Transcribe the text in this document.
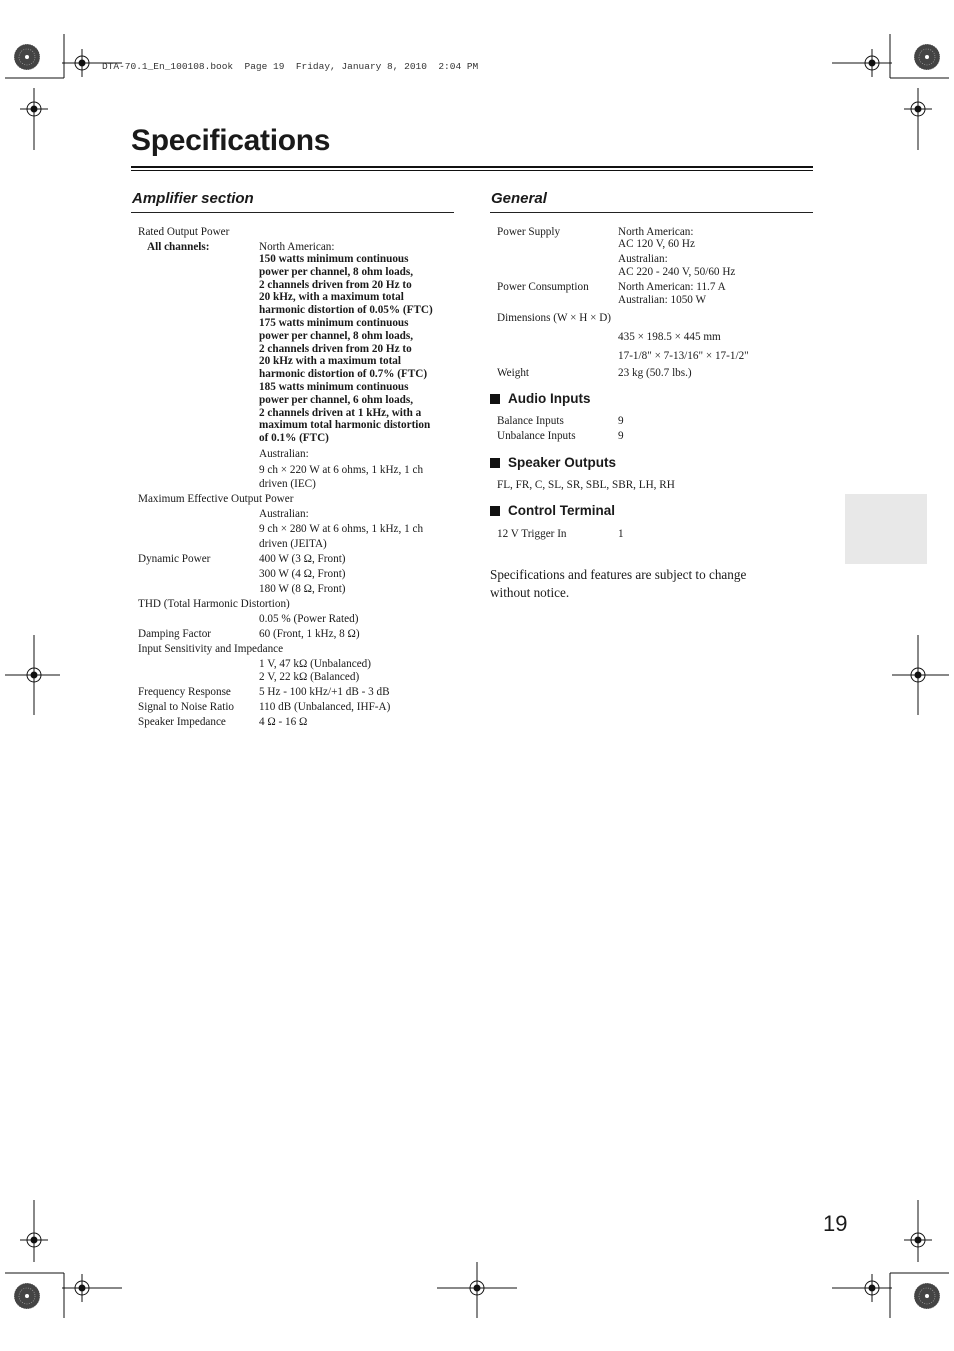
DTA-70.1_En_100108.book  Page 19  Friday, January 8, 2010  2:04 PM
Specifications
Amplifier section
Rated Output Power
All channels:	North American:
150 watts minimum continuous
power per channel, 8 ohm loads,
2 channels driven from 20 Hz to
20 kHz, with a maximum total
harmonic distortion of 0.05% (FTC)
175 watts minimum continuous
power per channel, 8 ohm loads,
2 channels driven from 20 Hz to
20 kHz with a maximum total
harmonic distortion of 0.7% (FTC)
185 watts minimum continuous
power per channel, 6 ohm loads,
2 channels driven at 1 kHz, with a
maximum total harmonic distortion
of 0.1% (FTC)
Australian:
9 ch × 220 W at 6 ohms, 1 kHz, 1 ch
driven (IEC)
Maximum Effective Output Power
Australian:
9 ch × 280 W at 6 ohms, 1 kHz, 1 ch
driven (JEITA)
Dynamic Power	400 W (3 Ω, Front)
300 W (4 Ω, Front)
180 W (8 Ω, Front)
THD (Total Harmonic Distortion)
0.05 % (Power Rated)
Damping Factor	60 (Front, 1 kHz, 8 Ω)
Input Sensitivity and Impedance
1 V, 47 kΩ (Unbalanced)
2 V, 22 kΩ (Balanced)
Frequency Response	5 Hz - 100 kHz/+1 dB - 3 dB
Signal to Noise Ratio 110 dB (Unbalanced, IHF-A)
Speaker Impedance	4 Ω - 16 Ω
General
Power Supply	North American:
AC 120 V, 60 Hz
Australian:
AC 220 - 240 V, 50/60 Hz
Power Consumption	North American: 11.7 A
Australian: 1050 W
Dimensions (W × H × D)
435 × 198.5 × 445 mm
17-1/8" × 7-13/16" × 17-1/2"
Weight	23 kg (50.7 lbs.)
Audio Inputs
Balance Inputs	9
Unbalance Inputs	9
Speaker Outputs
FL, FR, C, SL, SR, SBL, SBR, LH, RH
Control Terminal
12 V Trigger In	1
Specifications and features are subject to change
without notice.
19
